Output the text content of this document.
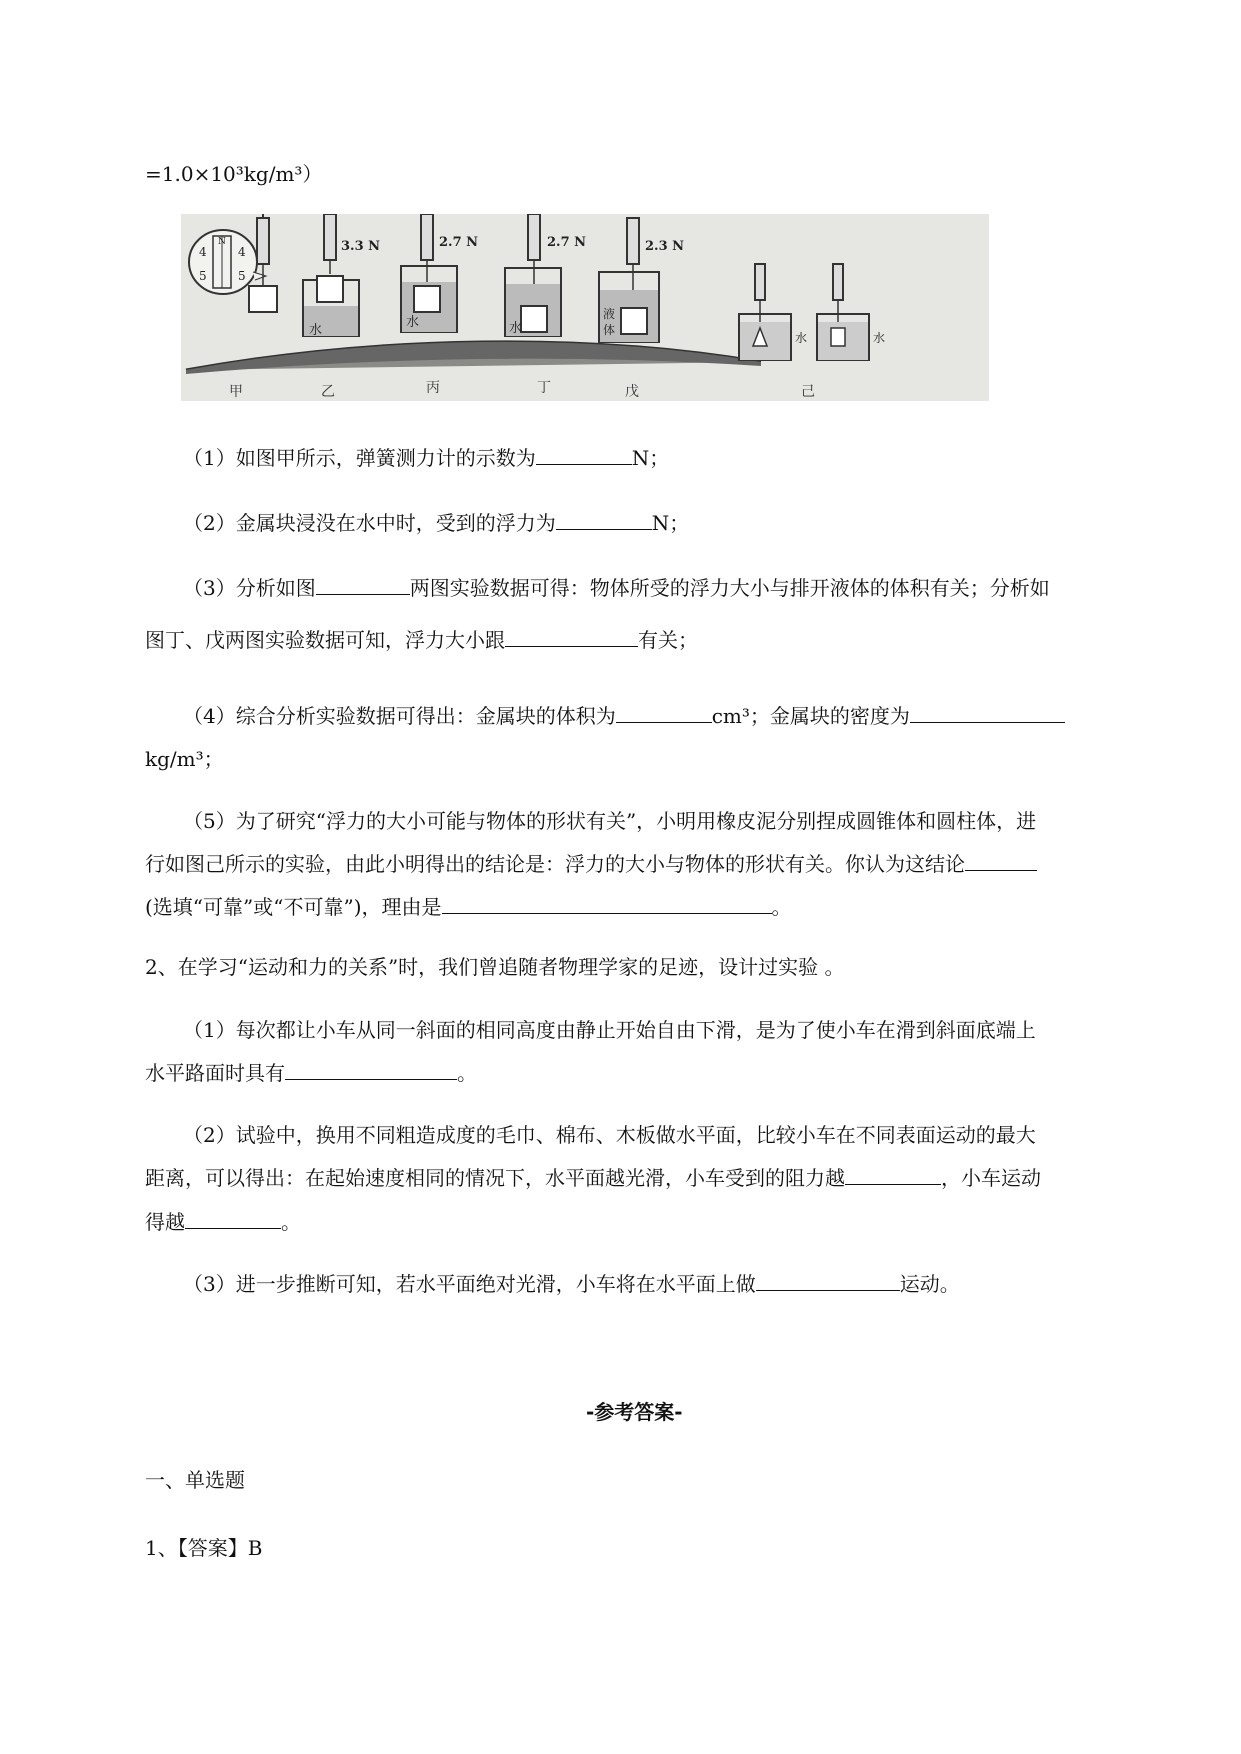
=1.0×10³kg/m³）
4	4
5	5
N
甲
水
3.3 N
乙
水
2.7 N
丙
水
2.7 N
丁
液
体
2.3 N
戊
水	水
己
（1）如图甲所示，弹簧测力计的示数为	N；
（2）金属块浸没在水中时，受到的浮力为	N；
（3）分析如图	两图实验数据可得：物体所受的浮力大小与排开液体的体积有关；分析如
图丁、戊两图实验数据可知，浮力大小跟	有关；
（4）综合分析实验数据可得出：金属块的体积为	cm³；金属块的密度为
kg/m³；
（5）为了研究“浮力的大小可能与物体的形状有关”，小明用橡皮泥分别捏成圆锥体和圆柱体，进
行如图己所示的实验，由此小明得出的结论是：浮力的大小与物体的形状有关。你认为这结论
(选填“可靠”或“不可靠”)，理由是	。
2、在学习“运动和力的关系”时，我们曾追随者物理学家的足迹，设计过实验 。
（1）每次都让小车从同一斜面的相同高度由静止开始自由下滑，是为了使小车在滑到斜面底端上
水平路面时具有	。
（2）试验中，换用不同粗造成度的毛巾、棉布、木板做水平面，比较小车在不同表面运动的最大
距离，可以得出：在起始速度相同的情况下，水平面越光滑，小车受到的阻力越	，小车运动
得越	。
（3）进一步推断可知，若水平面绝对光滑，小车将在水平面上做	运动。
-参考答案-
一、单选题
1、【答案】B
